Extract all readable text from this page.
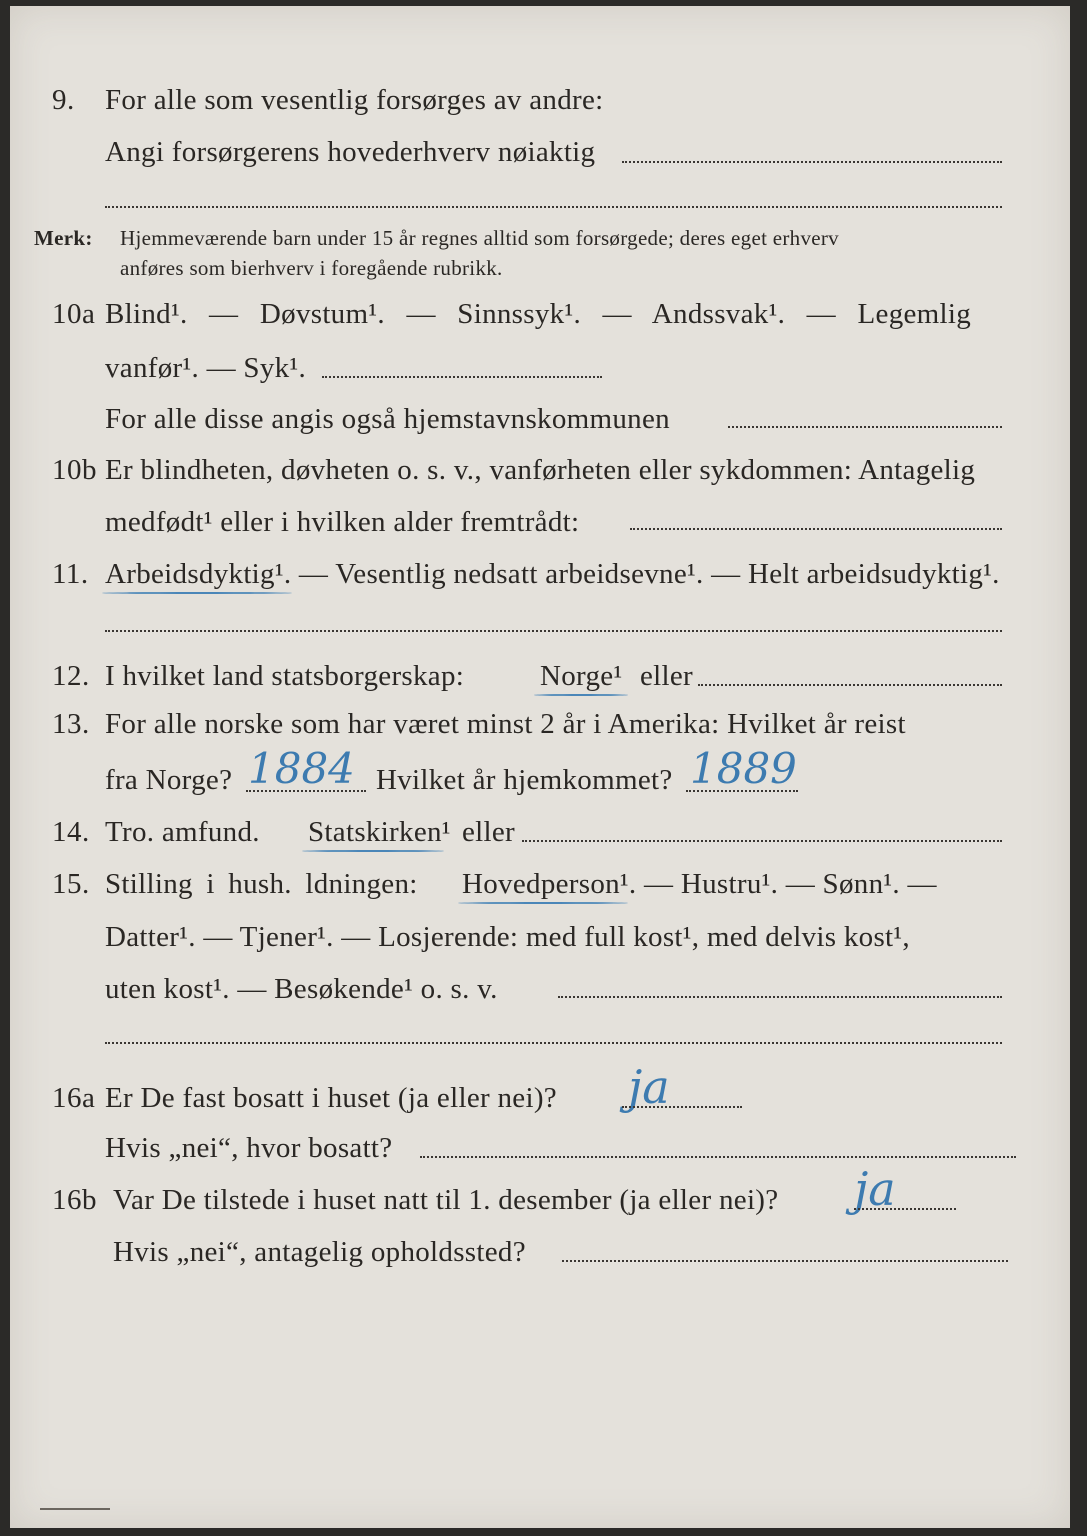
9. For alle som vesentlig forsørges av andre:
Angi forsørgerens hovederhverv nøiaktig
Merk: Hjemmeværende barn under 15 år regnes alltid som forsørgede; deres eget erhverv
anføres som bierhverv i foregående rubrikk.
10a Blind¹. — Døvstum¹. — Sinnssyk¹. — Andssvak¹. — Legemlig
vanfør¹. — Syk¹.
For alle disse angis også hjemstavnskommunen
10b Er blindheten, døvheten o. s. v., vanførheten eller sykdommen: Antagelig
medfødt¹ eller i hvilken alder fremtrådt:
11. Arbeidsdyktig¹. — Vesentlig nedsatt arbeidsevne¹. — Helt arbeidsudyktig¹.
12. I hvilket land statsborgerskap:	Norge¹ eller
13. For alle norske som har været minst 2 år i Amerika: Hvilket år reist
fra Norge? 1884 Hvilket år hjemkommet? 1889
14. Tro. amfund. Statskirken¹ eller
15. Stilling i hush. ldningen: Hovedperson¹. — Hustru¹. — Sønn¹. —
Datter¹. — Tjener¹. — Losjerende: med full kost¹, med delvis kost¹,
uten kost¹. — Besøkende¹ o. s. v.
16a Er De fast bosatt i huset (ja eller nei)? ja
Hvis „nei“, hvor bosatt?
16b Var De tilstede i huset natt til 1. desember (ja eller nei)? ja
Hvis „nei“, antagelig opholdssted?
